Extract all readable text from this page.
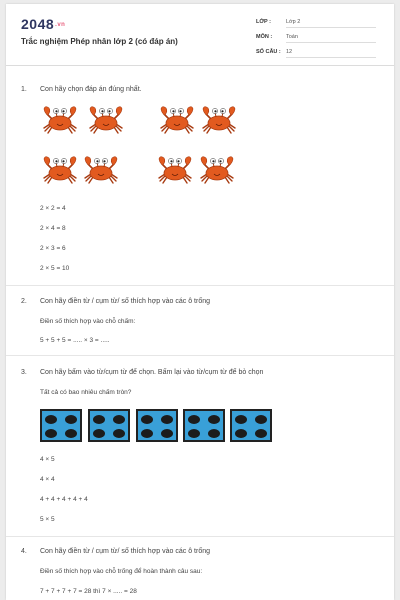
2048.vn
Trắc nghiệm Phép nhân lớp 2 (có đáp án)
LỚP :	Lớp 2
MÔN :	Toán
SỐ CÂU : 12
1. Con hãy chọn đáp án đúng nhất.
2 × 2 = 4
2 × 4 = 8
2 × 3 = 6
2 × 5 = 10
2. Con hãy điền từ / cụm từ/ số thích hợp vào các ô trống
Điền số thích hợp vào chỗ chấm:
5 + 5 + 5 = ..... × 3 = .....
3. Con hãy bấm vào từ/cụm từ để chọn. Bấm lại vào từ/cụm từ để bỏ chọn
Tất cả có bao nhiêu chấm tròn?
4 × 5
4 × 4
4 + 4 + 4 + 4 + 4
5 × 5
4. Con hãy điền từ / cụm từ/ số thích hợp vào các ô trống
Điền số thích hợp vào chỗ trống để hoàn thành câu sau:
7 + 7 + 7 + 7 = 28 thì 7 × ..... = 28
